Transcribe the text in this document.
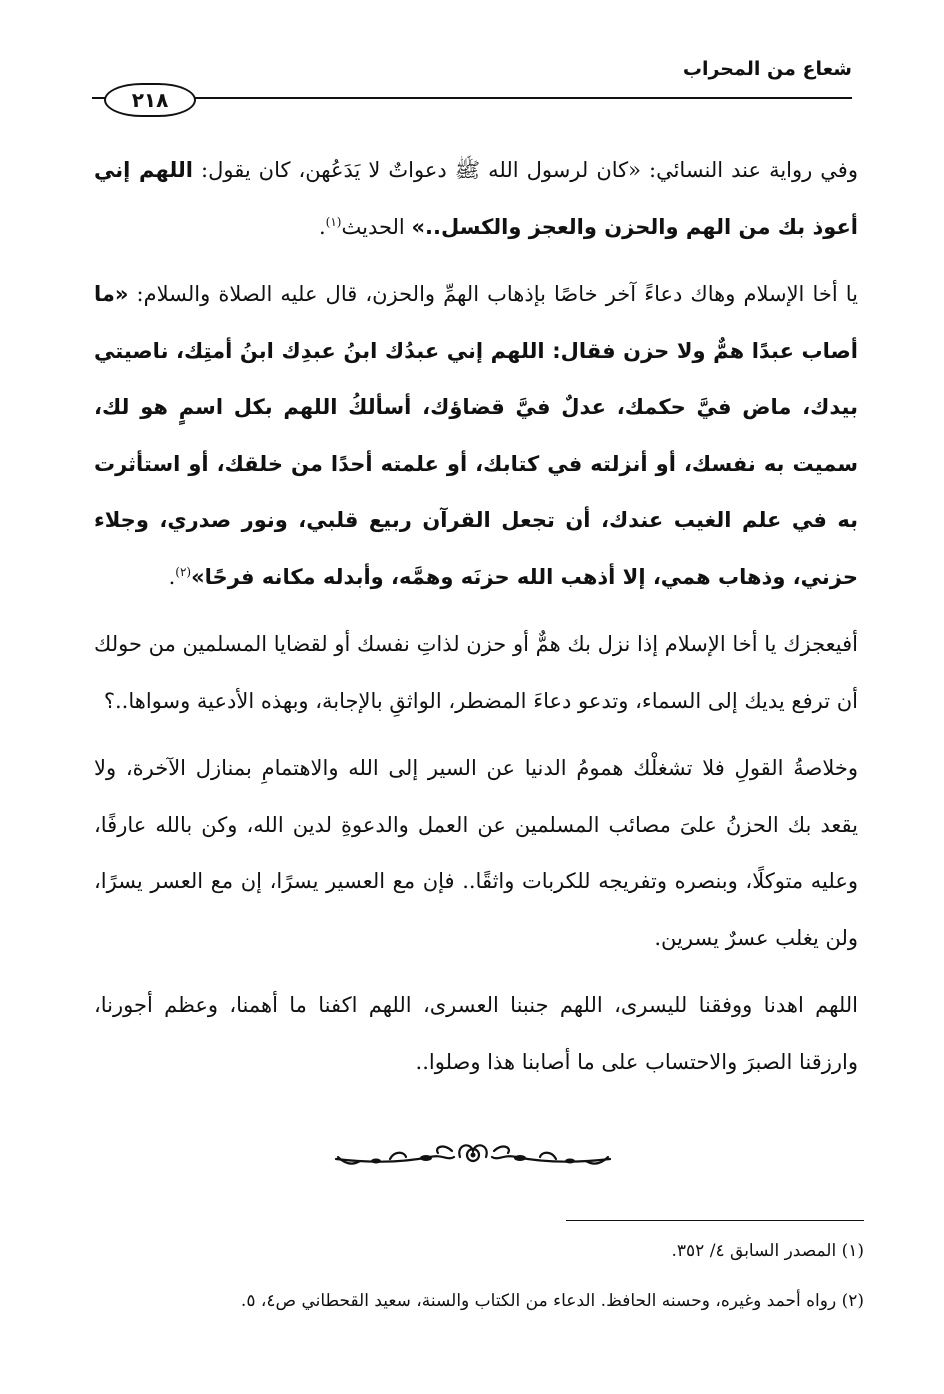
شعاع من المحراب
٢١٨

وفي رواية عند النسائي: «كان لرسول الله ﷺ دعواتٌ لا يَدَعُهن، كان يقول: اللهم إني أعوذ بك من الهم والحزن والعجز والكسل..» الحديث$^{(١)}$.

يا أخا الإسلام وهاك دعاءً آخر خاصًا بإذهاب الهمِّ والحزن، قال عليه الصلاة والسلام: «ما أصاب عبدًا همٌّ ولا حزن فقال: اللهم إني عبدُك ابنُ عبدِك ابنُ أمتِك، ناصيتي بيدك، ماض فيَّ حكمك، عدلٌ فيَّ قضاؤك، أسألكُ اللهم بكل اسمٍ هو لك، سميت به نفسك، أو أنزلته في كتابك، أو علمته أحدًا من خلقك، أو استأثرت به في علم الغيب عندك، أن تجعل القرآن ربيع قلبي، ونور صدري، وجلاء حزني، وذهاب همي، إلا أذهب الله حزنَه وهمَّه، وأبدله مكانه فرحًا»$^{(٢)}$.

أفيعجزك يا أخا الإسلام إذا نزل بك همٌّ أو حزن لذاتِ نفسك أو لقضايا المسلمين من حولك أن ترفع يديك إلى السماء، وتدعو دعاءَ المضطر، الواثقِ بالإجابة، وبهذه الأدعية وسواها..؟

وخلاصةُ القولِ فلا تشغلْك همومُ الدنيا عن السير إلى الله والاهتمامِ بمنازل الآخرة، ولا يقعد بك الحزنُ علىَ مصائب المسلمين عن العمل والدعوةِ لدين الله، وكن بالله عارفًا، وعليه متوكلًا، وبنصره وتفريجه للكربات واثقًا.. فإن مع العسير يسرًا، إن مع العسر يسرًا، ولن يغلب عسرٌ يسرين.

اللهم اهدنا ووفقنا لليسرى، اللهم جنبنا العسرى، اللهم اكفنا ما أهمنا، وعظم أجورنا، وارزقنا الصبرَ والاحتساب على ما أصابنا هذا وصلوا..

(١) المصدر السابق ٤/ ٣٥٢.
(٢) رواه أحمد وغيره، وحسنه الحافظ. الدعاء من الكتاب والسنة، سعيد القحطاني ص٤، ٥.
